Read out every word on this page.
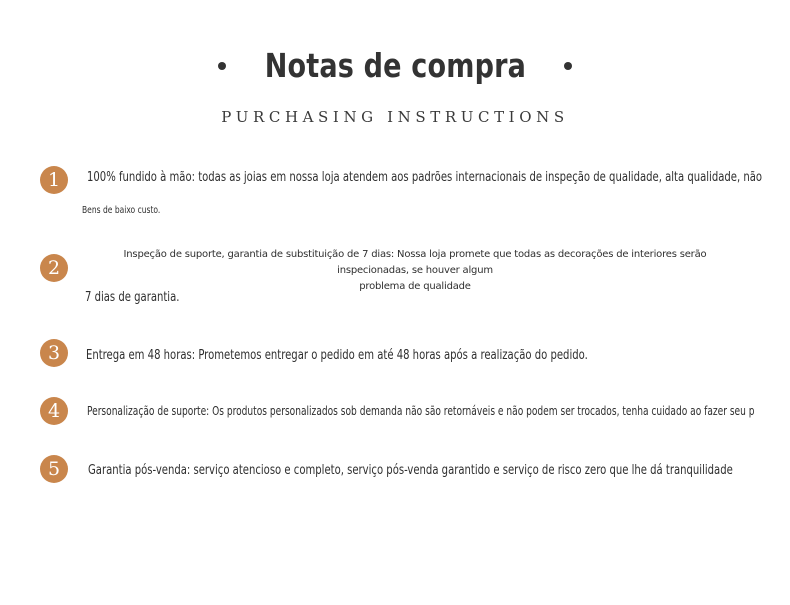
Notas de compra
PURCHASING INSTRUCTIONS
1	100% fundido à mão: todas as joias em nossa loja atendem aos padrões internacionais de inspeção de qualidade, alta qualidade, não
Bens de baixo custo.
2
Inspeção de suporte, garantia de substituição de 7 dias: Nossa loja promete que todas as decorações de interiores serão inspecionadas, se houver algum
problema de qualidade
7 dias de garantia.
3	Entrega em 48 horas: Prometemos entregar o pedido em até 48 horas após a realização do pedido.
4	Personalização de suporte: Os produtos personalizados sob demanda não são retornáveis ​​e não podem ser trocados, tenha cuidado ao fazer seu p
5	Garantia pós-venda: serviço atencioso e completo, serviço pós-venda garantido e serviço de risco zero que lhe dá tranquilidade
